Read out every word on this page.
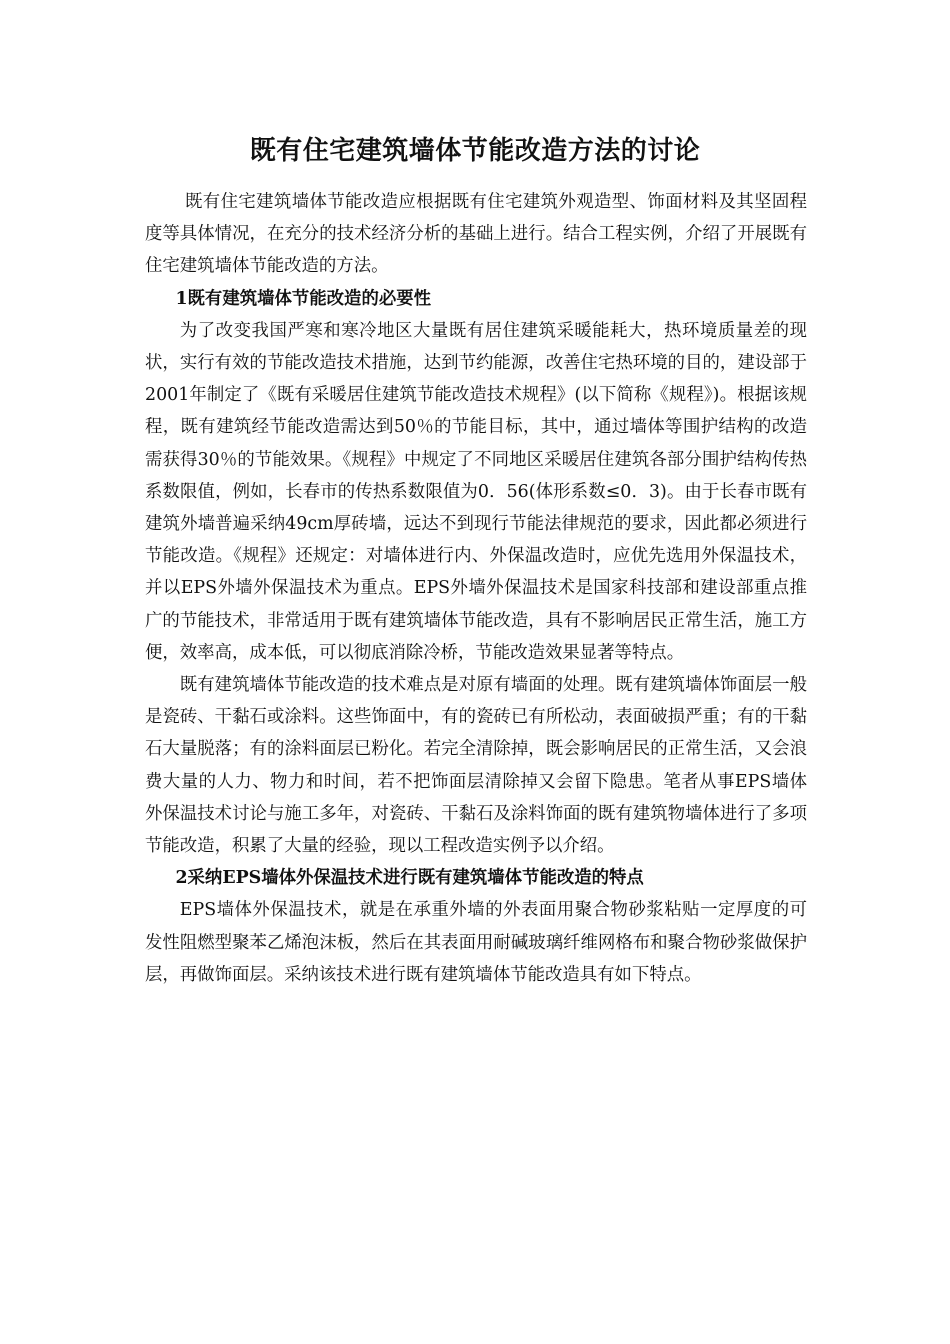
既有住宅建筑墙体节能改造方法的讨论

既有住宅建筑墙体节能改造应根据既有住宅建筑外观造型、饰面材料及其坚固程度等具体情况，在充分的技术经济分析的基础上进行。结合工程实例，介绍了开展既有住宅建筑墙体节能改造的方法。

1既有建筑墙体节能改造的必要性

为了改变我国严寒和寒冷地区大量既有居住建筑采暖能耗大，热环境质量差的现状，实行有效的节能改造技术措施，达到节约能源，改善住宅热环境的目的，建设部于2001年制定了《既有采暖居住建筑节能改造技术规程》(以下简称《规程》)。根据该规程，既有建筑经节能改造需达到50％的节能目标，其中，通过墙体等围护结构的改造需获得30％的节能效果。《规程》中规定了不同地区采暖居住建筑各部分围护结构传热系数限值，例如，长春市的传热系数限值为0．56(体形系数≤0．3)。由于长春市既有建筑外墙普遍采纳49cm厚砖墙，远达不到现行节能法律规范的要求，因此都必须进行节能改造。《规程》还规定：对墙体进行内、外保温改造时，应优先选用外保温技术，并以EPS外墙外保温技术为重点。EPS外墙外保温技术是国家科技部和建设部重点推广的节能技术，非常适用于既有建筑墙体节能改造，具有不影响居民正常生活，施工方便，效率高，成本低，可以彻底消除冷桥，节能改造效果显著等特点。

既有建筑墙体节能改造的技术难点是对原有墙面的处理。既有建筑墙体饰面层一般是瓷砖、干黏石或涂料。这些饰面中，有的瓷砖已有所松动，表面破损严重；有的干黏石大量脱落；有的涂料面层已粉化。若完全清除掉，既会影响居民的正常生活，又会浪费大量的人力、物力和时间，若不把饰面层清除掉又会留下隐患。笔者从事EPS墙体外保温技术讨论与施工多年，对瓷砖、干黏石及涂料饰面的既有建筑物墙体进行了多项节能改造，积累了大量的经验，现以工程改造实例予以介绍。

2采纳EPS墙体外保温技术进行既有建筑墙体节能改造的特点

EPS墙体外保温技术，就是在承重外墙的外表面用聚合物砂浆粘贴一定厚度的可发性阻燃型聚苯乙烯泡沫板，然后在其表面用耐碱玻璃纤维网格布和聚合物砂浆做保护层，再做饰面层。采纳该技术进行既有建筑墙体节能改造具有如下特点。
